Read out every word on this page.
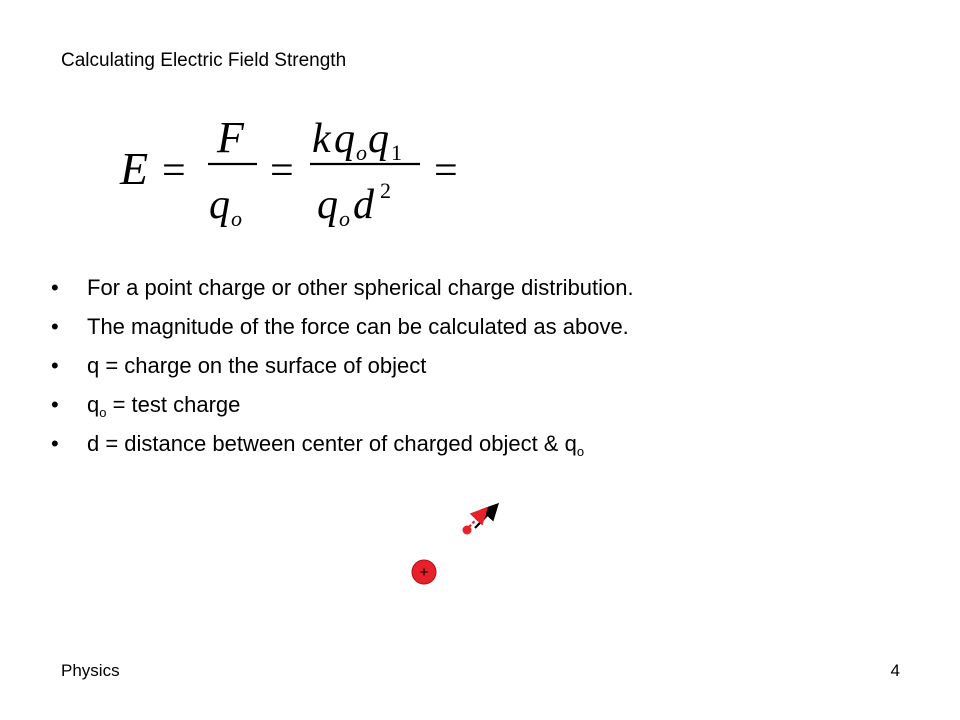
Calculating Electric Field Strength
E =
F
q o
=
k q o q 1
q o d 2 =
• For a point charge or other spherical charge distribution.
• The magnitude of the force can be calculated as above.
• q = charge on the surface of object
• $q_o$ = test charge
• d = distance between center of charged object & $q_o$
+
Physics	4
